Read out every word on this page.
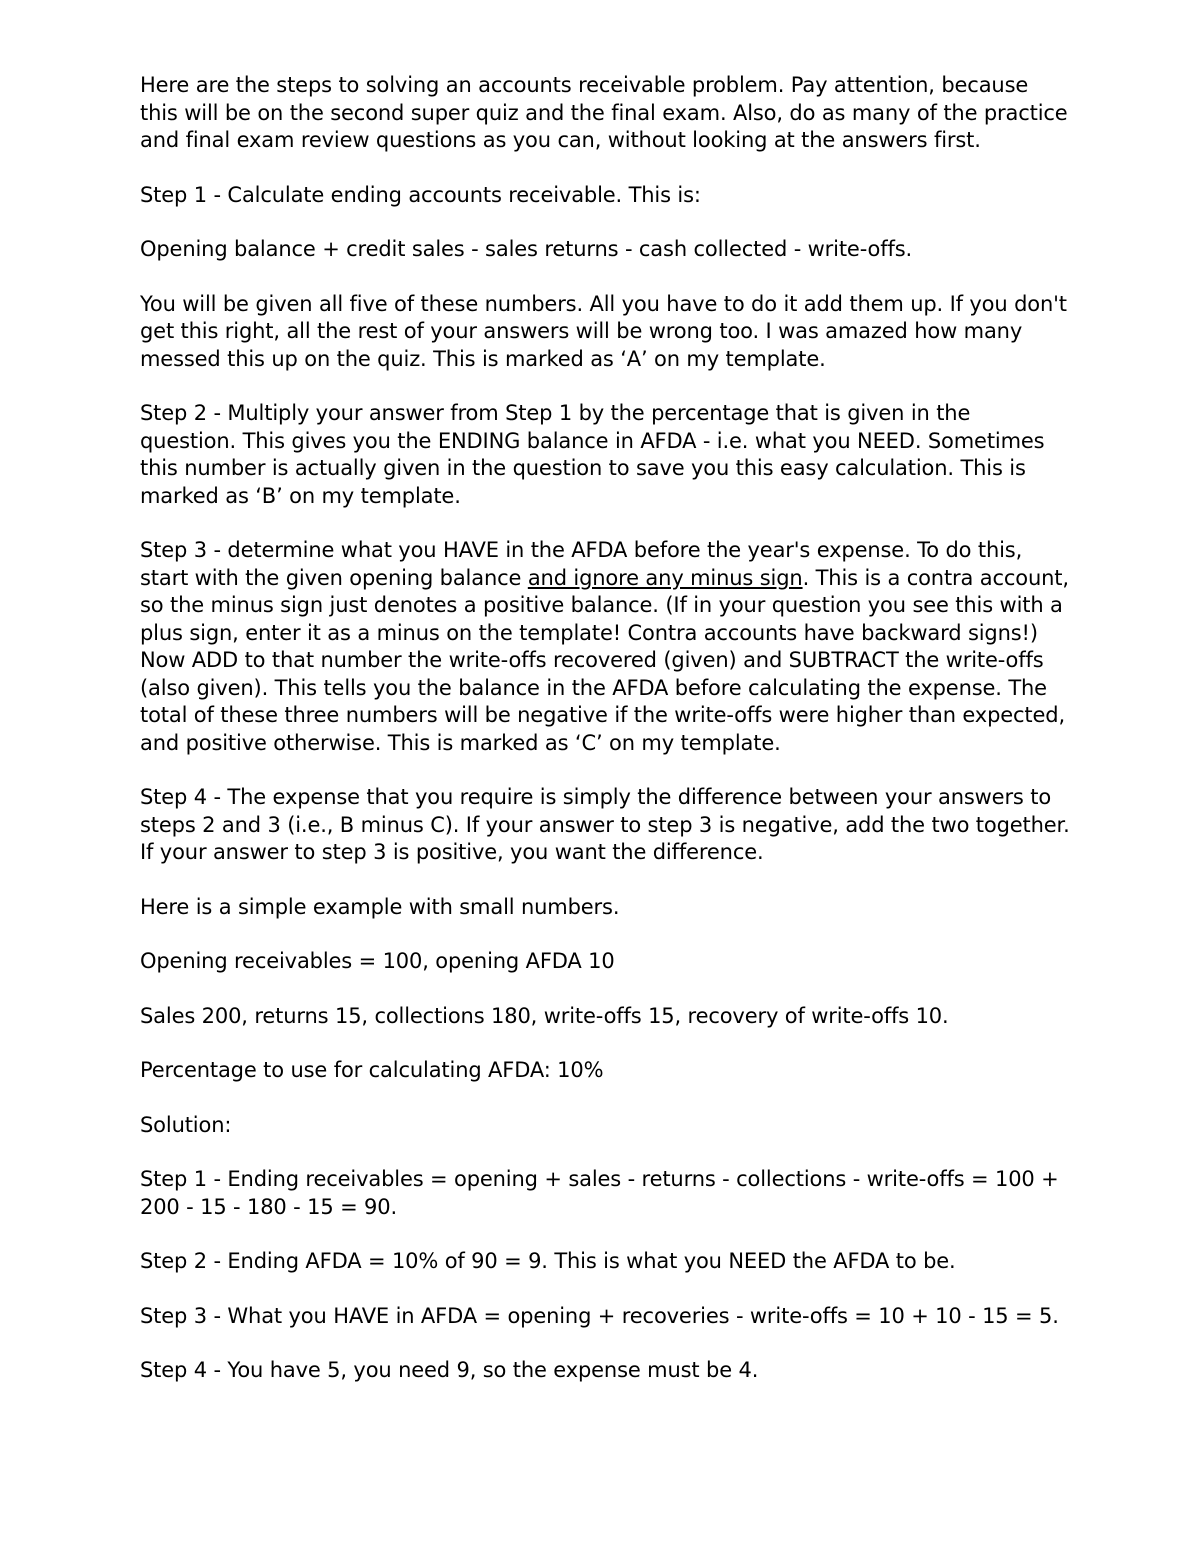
Here are the steps to solving an accounts receivable problem. Pay attention, because this will be on the second super quiz and the final exam. Also, do as many of the practice and final exam review questions as you can, without looking at the answers first.

Step 1 - Calculate ending accounts receivable. This is:

Opening balance + credit sales - sales returns - cash collected - write-offs.

You will be given all five of these numbers. All you have to do it add them up. If you don't get this right, all the rest of your answers will be wrong too. I was amazed how many messed this up on the quiz. This is marked as ‘A’ on my template.

Step 2 - Multiply your answer from Step 1 by the percentage that is given in the question. This gives you the ENDING balance in AFDA - i.e. what you NEED. Sometimes this number is actually given in the question to save you this easy calculation. This is marked as ‘B’ on my template.

Step 3 - determine what you HAVE in the AFDA before the year's expense. To do this, start with the given opening balance and ignore any minus sign. This is a contra account, so the minus sign just denotes a positive balance. (If in your question you see this with a plus sign, enter it as a minus on the template! Contra accounts have backward signs!) Now ADD to that number the write-offs recovered (given) and SUBTRACT the write-offs (also given). This tells you the balance in the AFDA before calculating the expense. The total of these three numbers will be negative if the write-offs were higher than expected, and positive otherwise. This is marked as ‘C’ on my template.

Step 4 - The expense that you require is simply the difference between your answers to steps 2 and 3 (i.e., B minus C). If your answer to step 3 is negative, add the two together. If your answer to step 3 is positive, you want the difference.

Here is a simple example with small numbers.

Opening receivables = 100, opening AFDA 10

Sales 200, returns 15, collections 180, write-offs 15, recovery of write-offs 10.

Percentage to use for calculating AFDA: 10%

Solution:

Step 1 - Ending receivables = opening + sales - returns - collections - write-offs = 100 + 200 - 15 - 180 - 15 = 90.

Step 2 - Ending AFDA = 10% of 90 = 9. This is what you NEED the AFDA to be.

Step 3 - What you HAVE in AFDA = opening + recoveries - write-offs = 10 + 10 - 15 = 5.

Step 4 - You have 5, you need 9, so the expense must be 4.
